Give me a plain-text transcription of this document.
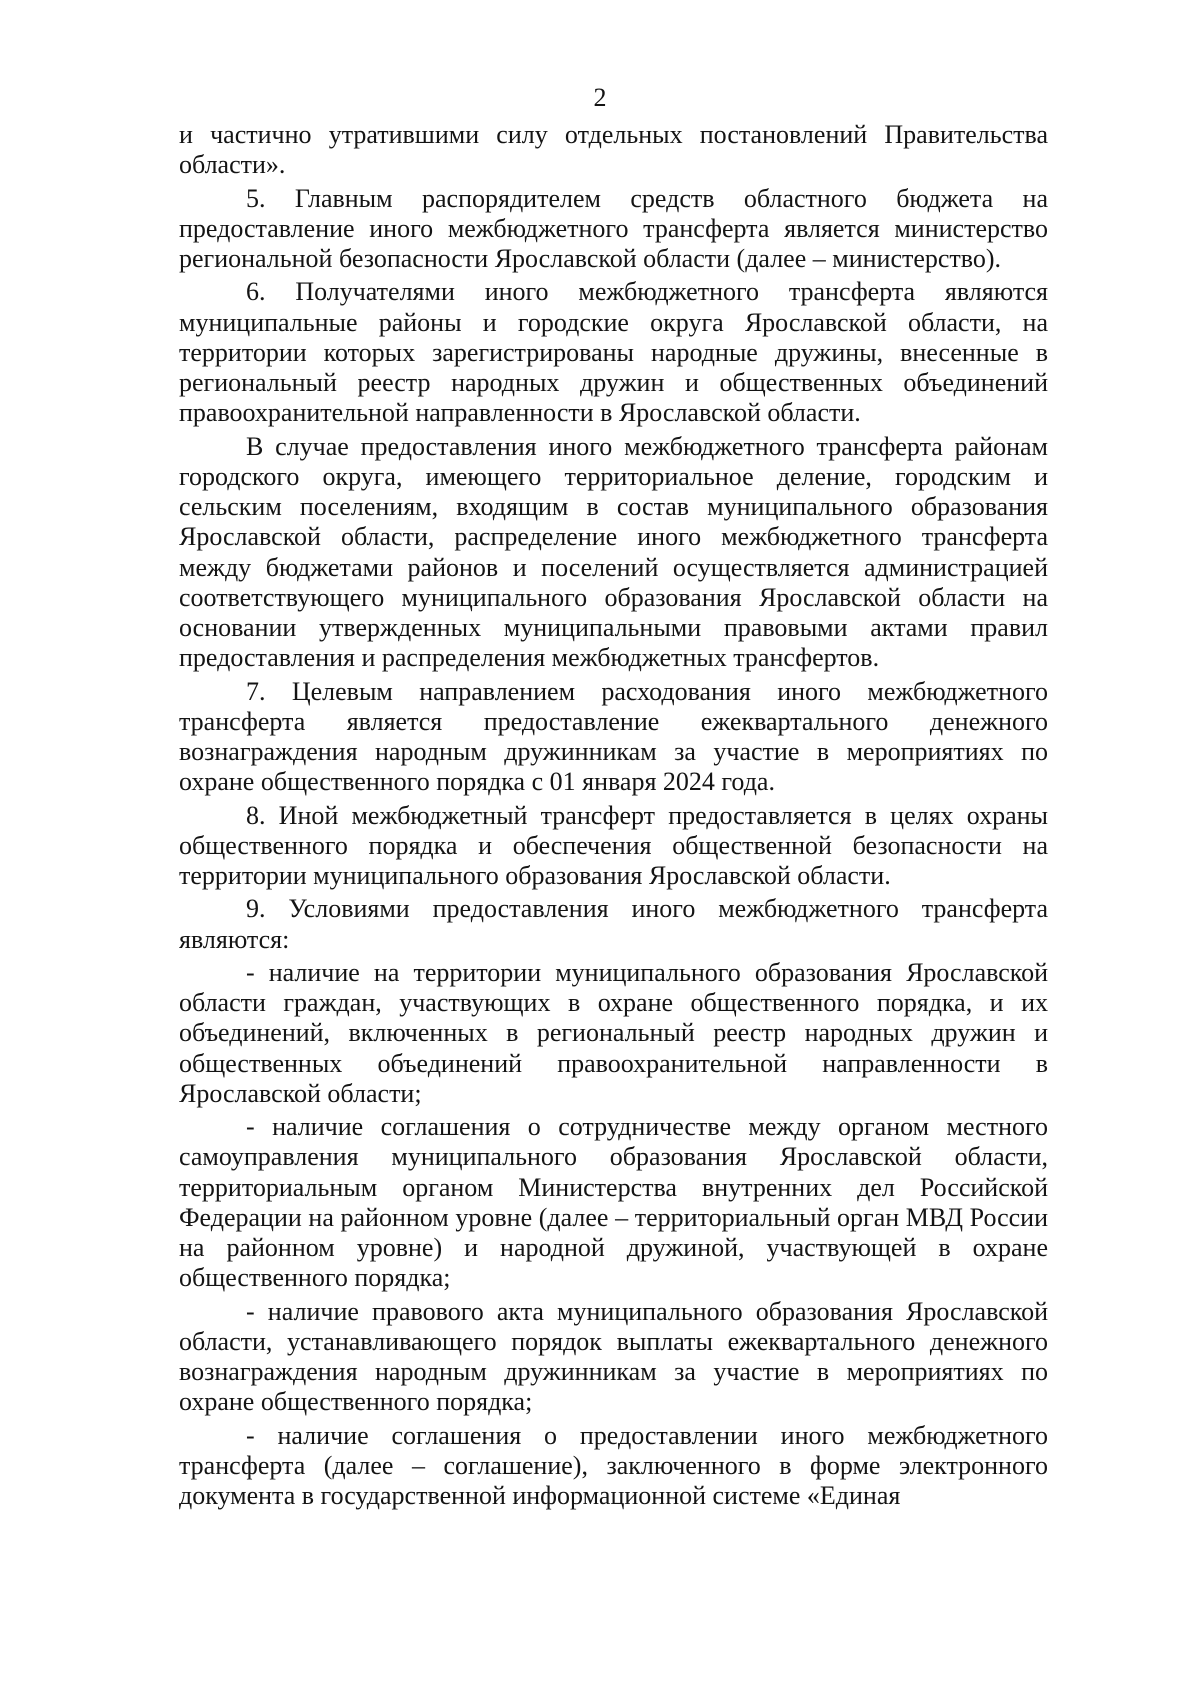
2

и частично утратившими силу отдельных постановлений Правительства области».

5. Главным распорядителем средств областного бюджета на предоставление иного межбюджетного трансферта является министерство региональной безопасности Ярославской области (далее – министерство).

6. Получателями иного межбюджетного трансферта являются муниципальные районы и городские округа Ярославской области, на территории которых зарегистрированы народные дружины, внесенные в региональный реестр народных дружин и общественных объединений правоохранительной направленности в Ярославской области.

В случае предоставления иного межбюджетного трансферта районам городского округа, имеющего территориальное деление, городским и сельским поселениям, входящим в состав муниципального образования Ярославской области, распределение иного межбюджетного трансферта между бюджетами районов и поселений осуществляется администрацией соответствующего муниципального образования Ярославской области на основании утвержденных муниципальными правовыми актами правил предоставления и распределения межбюджетных трансфертов.

7. Целевым направлением расходования иного межбюджетного трансферта является предоставление ежеквартального денежного вознаграждения народным дружинникам за участие в мероприятиях по охране общественного порядка с 01 января 2024 года.

8. Иной межбюджетный трансферт предоставляется в целях охраны общественного порядка и обеспечения общественной безопасности на территории муниципального образования Ярославской области.

9. Условиями предоставления иного межбюджетного трансферта являются:

- наличие на территории муниципального образования Ярославской области граждан, участвующих в охране общественного порядка, и их объединений, включенных в региональный реестр народных дружин и общественных объединений правоохранительной направленности в Ярославской области;

- наличие соглашения о сотрудничестве между органом местного самоуправления муниципального образования Ярославской области, территориальным органом Министерства внутренних дел Российской Федерации на районном уровне (далее – территориальный орган МВД России на районном уровне) и народной дружиной, участвующей в охране общественного порядка;

- наличие правового акта муниципального образования Ярославской области, устанавливающего порядок выплаты ежеквартального денежного вознаграждения народным дружинникам за участие в мероприятиях по охране общественного порядка;

- наличие соглашения о предоставлении иного межбюджетного трансферта (далее – соглашение), заключенного в форме электронного документа в государственной информационной системе «Единая
